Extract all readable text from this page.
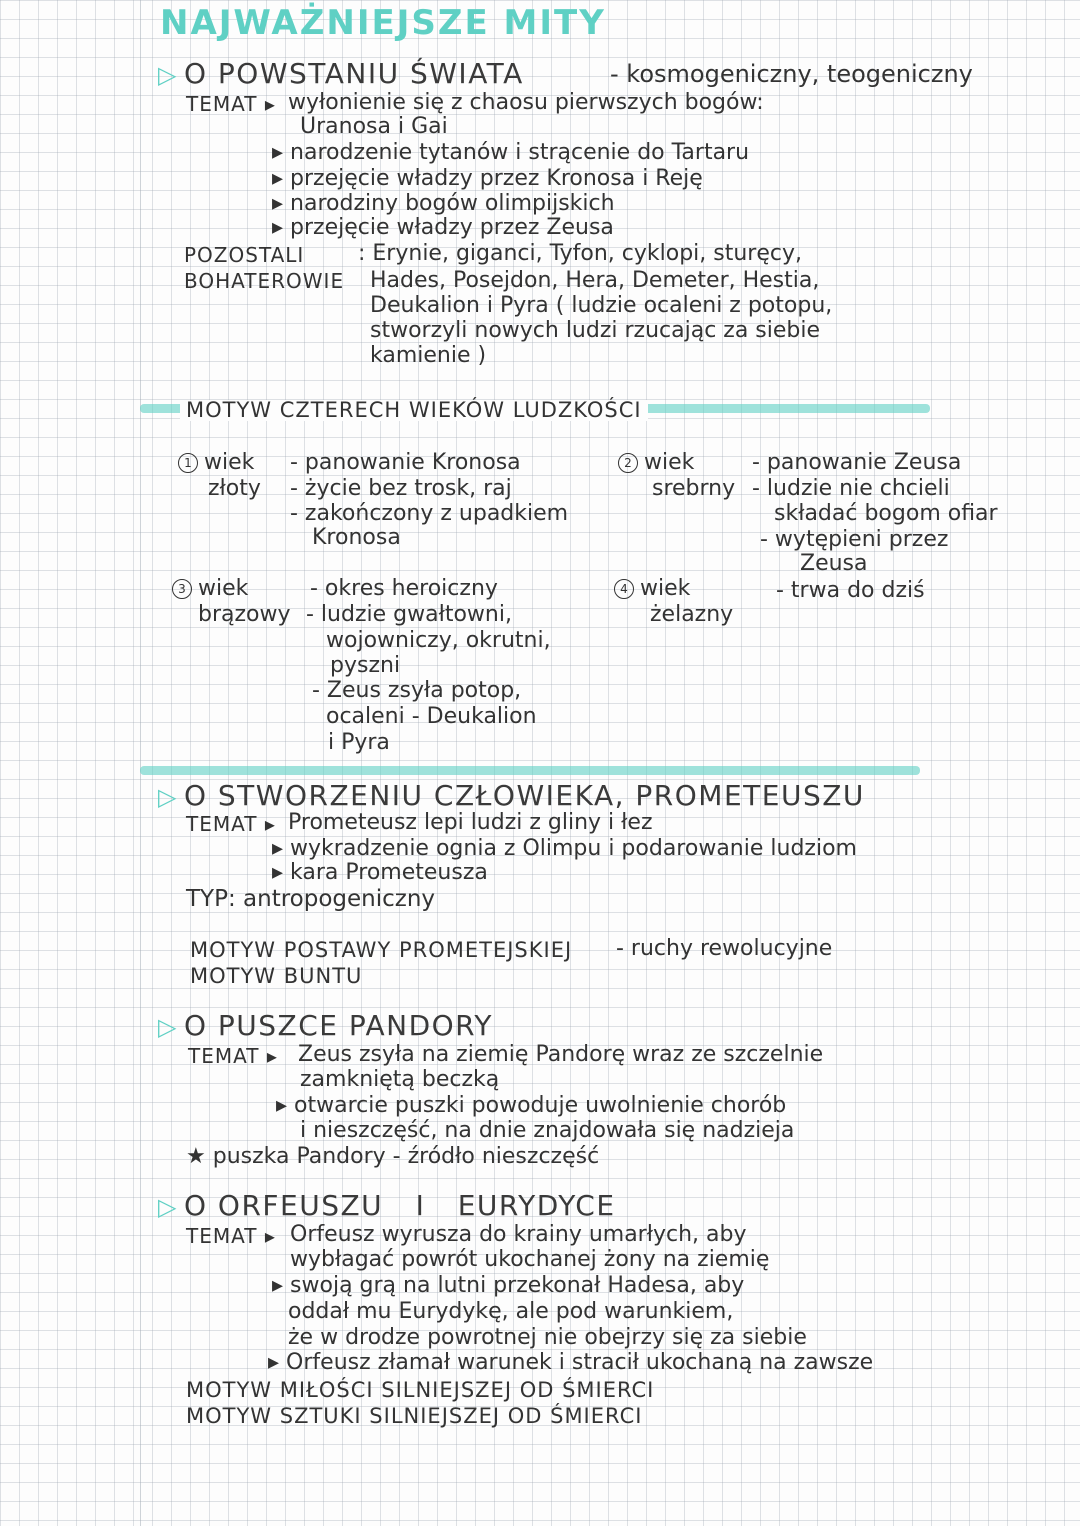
NAJWAŻNIEJSZE MITY
▷ O POWSTANIU ŚWIATA	- kosmogeniczny, teogeniczny
TEMAT ▸ wyłonienie się z chaosu pierwszych bogów:
Uranosa i Gai
▸ narodzenie tytanów i strącenie do Tartaru
▸ przejęcie władzy przez Kronosa i Reję
▸ narodziny bogów olimpijskich
▸ przejęcie władzy przez Zeusa
POZOSTALI
BOHATEROWIE
: Erynie, giganci, Tyfon, cyklopi, sturęcy,
Hades, Posejdon, Hera, Demeter, Hestia,
Deukalion i Pyra ( ludzie ocaleni z potopu,
stworzyli nowych ludzi rzucając za siebie
kamienie )
MOTYW CZTERECH WIEKÓW LUDZKOŚCI
1 wiek
złoty
- panowanie Kronosa
- życie bez trosk, raj
- zakończony z upadkiem
Kronosa
2 wiek
srebrny
- panowanie Zeusa
- ludzie nie chcieli
składać bogom ofiar
- wytępieni przez
Zeusa
- trwa do dziś
3 wiek
brązowy
- okres heroiczny
- ludzie gwałtowni,
wojowniczy, okrutni,
pyszni
- Zeus zsyła potop,
ocaleni - Deukalion
i Pyra
4 wiek
żelazny
▷ O STWORZENIU CZŁOWIEKA, PROMETEUSZU
TEMAT ▸ Prometeusz lepi ludzi z gliny i łez
▸ wykradzenie ognia z Olimpu i podarowanie ludziom
▸ kara Prometeusza
TYP: antropogeniczny
MOTYW POSTAWY PROMETEJSKIEJ - ruchy rewolucyjne
MOTYW BUNTU
▷ O PUSZCE PANDORY
TEMAT ▸ Zeus zsyła na ziemię Pandorę wraz ze szczelnie
zamkniętą beczką
▸ otwarcie puszki powoduje uwolnienie chorób
i nieszczęść, na dnie znajdowała się nadzieja
★ puszka Pandory - źródło nieszczęść
▷ O ORFEUSZU I EURYDYCE
TEMAT ▸ Orfeusz wyrusza do krainy umarłych, aby
wybłagać powrót ukochanej żony na ziemię
▸ swoją grą na lutni przekonał Hadesa, aby
oddał mu Eurydykę, ale pod warunkiem,
że w drodze powrotnej nie obejrzy się za siebie
▸ Orfeusz złamał warunek i stracił ukochaną na zawsze
MOTYW MIŁOŚCI SILNIEJSZEJ OD ŚMIERCI
MOTYW SZTUKI SILNIEJSZEJ OD ŚMIERCI
